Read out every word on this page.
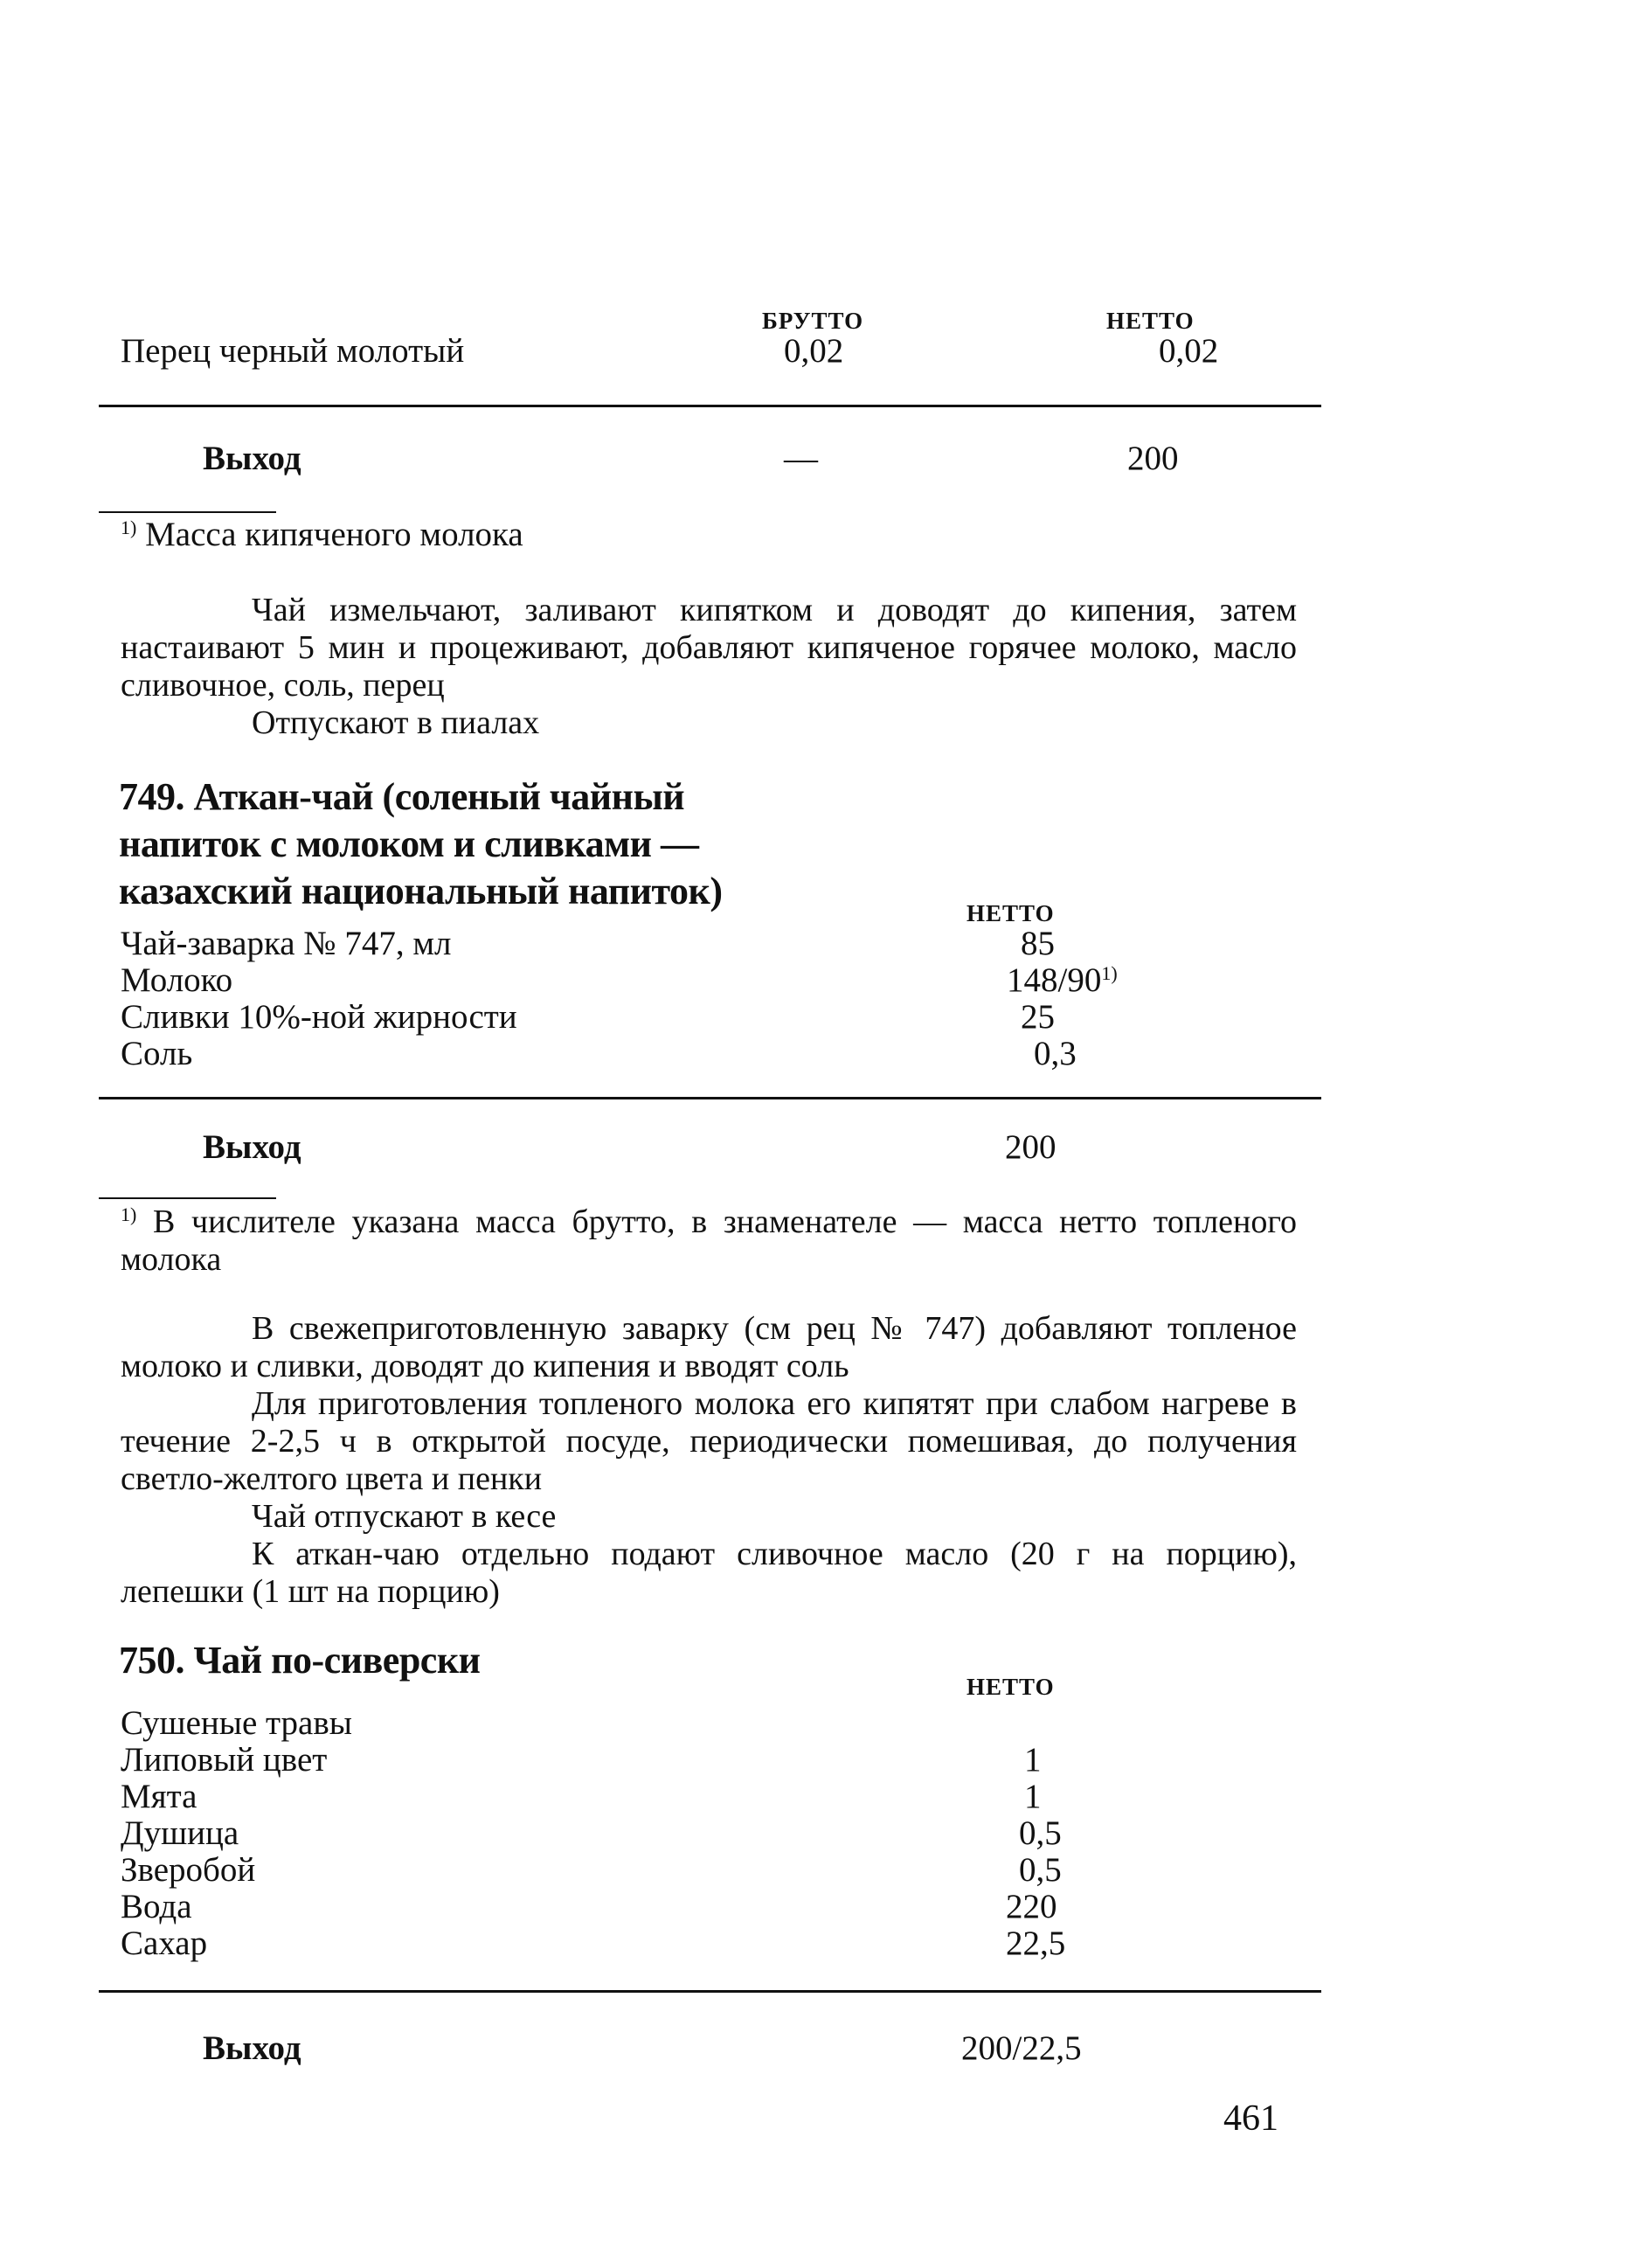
БРУТТО	НЕТТО
Перец черный молотый	0,02	0,02
Выход	—	200
$^{1)}$ Масса кипяченого молока

Чай измельчают, заливают кипятком и доводят до кипения, затем настаивают 5 мин и процеживают, добавляют кипяченое горячее молоко, масло сливочное, соль, перец

Отпускают в пиалах

749. Аткан-чай (соленый чайный
напиток с молоком и сливками —
казахский национальный напиток)
НЕТТО
Чай-заварка № 747, мл	85
Молоко	148/90$^{1)}$
Сливки 10%-ной жирности	25
Соль	0,3
Выход	200

$^{1)}$ В числителе указана масса брутто, в знаменателе — масса нетто топленого молока

В свежеприготовленную заварку (см рец № 747) добавляют топленое молоко и сливки, доводят до кипения и вводят соль

Для приготовления топленого молока его кипятят при слабом нагреве в течение 2-2,5 ч в открытой посуде, периодически помешивая, до получения светло-желтого цвета и пенки

Чай отпускают в кесе

К аткан-чаю отдельно подают сливочное масло (20 г на порцию), лепешки (1 шт на порцию)

750. Чай по-сиверски
НЕТТО
Сушеные травы
Липовый цвет	1
Мята	1
Душица	0,5
Зверобой	0,5
Вода	220
Сахар	22,5
Выход	200/22,5
461
